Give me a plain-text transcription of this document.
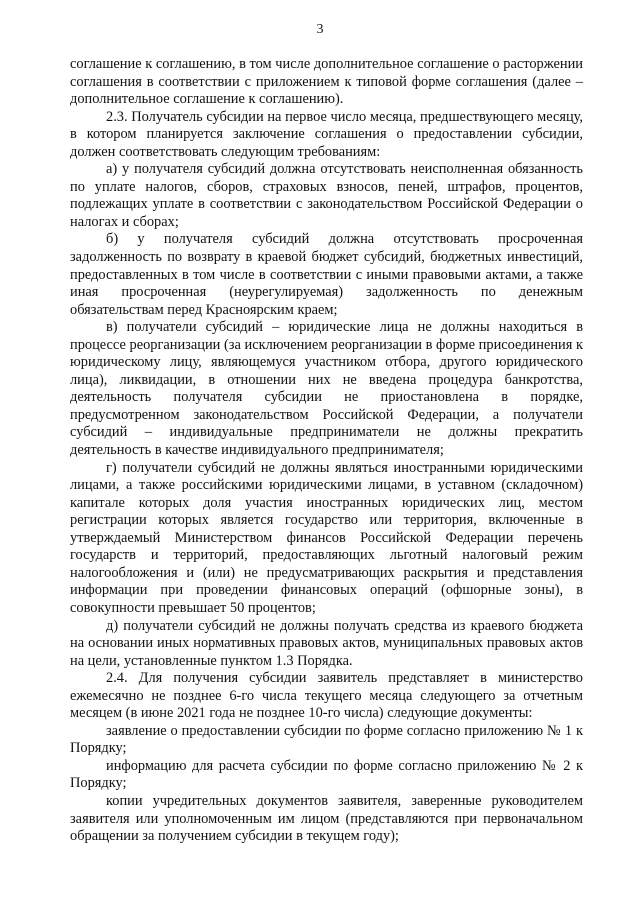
3

соглашение к соглашению, в том числе дополнительное соглашение о расторжении соглашения в соответствии с приложением к типовой форме соглашения (далее – дополнительное соглашение к соглашению).

2.3. Получатель субсидии на первое число месяца, предшествующего месяцу, в котором планируется заключение соглашения о предоставлении субсидии, должен соответствовать следующим требованиям:

а) у получателя субсидий должна отсутствовать неисполненная обязанность по уплате налогов, сборов, страховых взносов, пеней, штрафов, процентов, подлежащих уплате в соответствии с законодательством Российской Федерации о налогах и сборах;

б) у получателя субсидий должна отсутствовать просроченная задолженность по возврату в краевой бюджет субсидий, бюджетных инвестиций, предоставленных в том числе в соответствии с иными правовыми актами, а также иная просроченная (неурегулируемая) задолженность по денежным обязательствам перед Красноярским краем;

в) получатели субсидий – юридические лица не должны находиться в процессе реорганизации (за исключением реорганизации в форме присоединения к юридическому лицу, являющемуся участником отбора, другого юридического лица), ликвидации, в отношении них не введена процедура банкротства, деятельность получателя субсидии не приостановлена в порядке, предусмотренном законодательством Российской Федерации, а получатели субсидий – индивидуальные предприниматели не должны прекратить деятельность в качестве индивидуального предпринимателя;

г) получатели субсидий не должны являться иностранными юридическими лицами, а также российскими юридическими лицами, в уставном (складочном) капитале которых доля участия иностранных юридических лиц, местом регистрации которых является государство или территория, включенные в утверждаемый Министерством финансов Российской Федерации перечень государств и территорий, предоставляющих льготный налоговый режим налогообложения и (или) не предусматривающих раскрытия и представления информации при проведении финансовых операций (офшорные зоны), в совокупности превышает 50 процентов;

д) получатели субсидий не должны получать средства из краевого бюджета на основании иных нормативных правовых актов, муниципальных правовых актов на цели, установленные пунктом 1.3 Порядка.

2.4. Для получения субсидии заявитель представляет в министерство ежемесячно не позднее 6-го числа текущего месяца следующего за отчетным месяцем (в июне 2021 года не позднее 10-го числа) следующие документы:

заявление о предоставлении субсидии по форме согласно приложению № 1 к Порядку;

информацию для расчета субсидии по форме согласно приложению № 2 к Порядку;

копии учредительных документов заявителя, заверенные руководителем заявителя или уполномоченным им лицом (представляются при первоначальном обращении за получением субсидии в текущем году);
